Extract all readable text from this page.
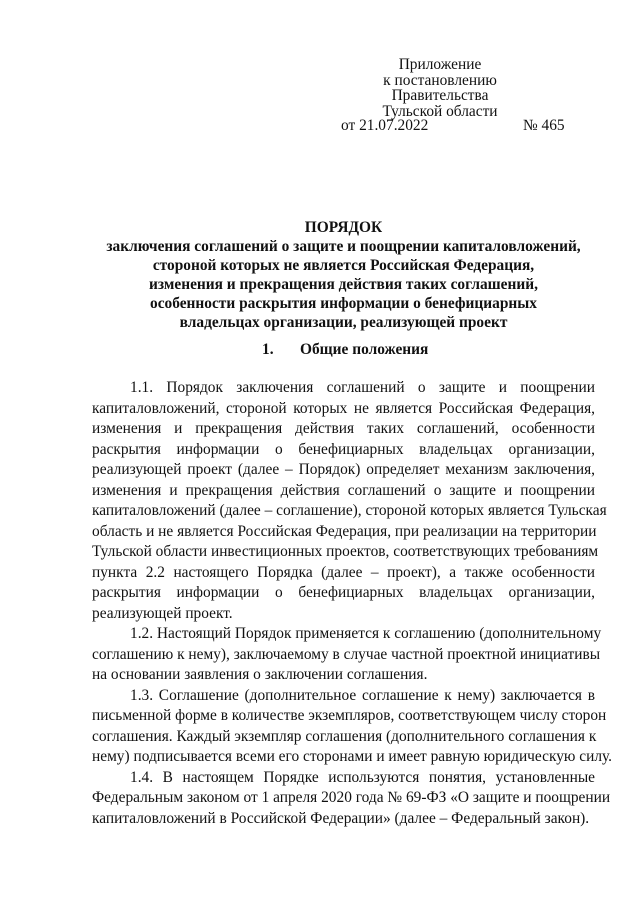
Приложение
к постановлению Правительства
Тульской области
от 21.07.2022	№ 465
ПОРЯДОК
заключения соглашений о защите и поощрении капиталовложений,
стороной которых не является Российская Федерация,
изменения и прекращения действия таких соглашений,
особенности раскрытия информации о бенефициарных
владельцах организации, реализующей проект
1. Общие положения
1.1. Порядок заключения соглашений о защите и поощрении
капиталовложений, стороной которых не является Российская Федерация,
изменения и прекращения действия таких соглашений, особенности
раскрытия информации о бенефициарных владельцах организации,
реализующей проект (далее – Порядок) определяет механизм заключения,
изменения и прекращения действия соглашений о защите и поощрении
капиталовложений (далее – соглашение), стороной которых является Тульская
область и не является Российская Федерация, при реализации на территории
Тульской области инвестиционных проектов, соответствующих требованиям
пункта 2.2 настоящего Порядка (далее – проект), а также особенности
раскрытия информации о бенефициарных владельцах организации,
реализующей проект.
1.2. Настоящий Порядок применяется к соглашению (дополнительному
соглашению к нему), заключаемому в случае частной проектной инициативы
на основании заявления о заключении соглашения.
1.3. Соглашение (дополнительное соглашение к нему) заключается в
письменной форме в количестве экземпляров, соответствующем числу сторон
соглашения. Каждый экземпляр соглашения (дополнительного соглашения к
нему) подписывается всеми его сторонами и имеет равную юридическую силу.
1.4. В настоящем Порядке используются понятия, установленные
Федеральным законом от 1 апреля 2020 года № 69-ФЗ «О защите и поощрении
капиталовложений в Российской Федерации» (далее – Федеральный закон).
